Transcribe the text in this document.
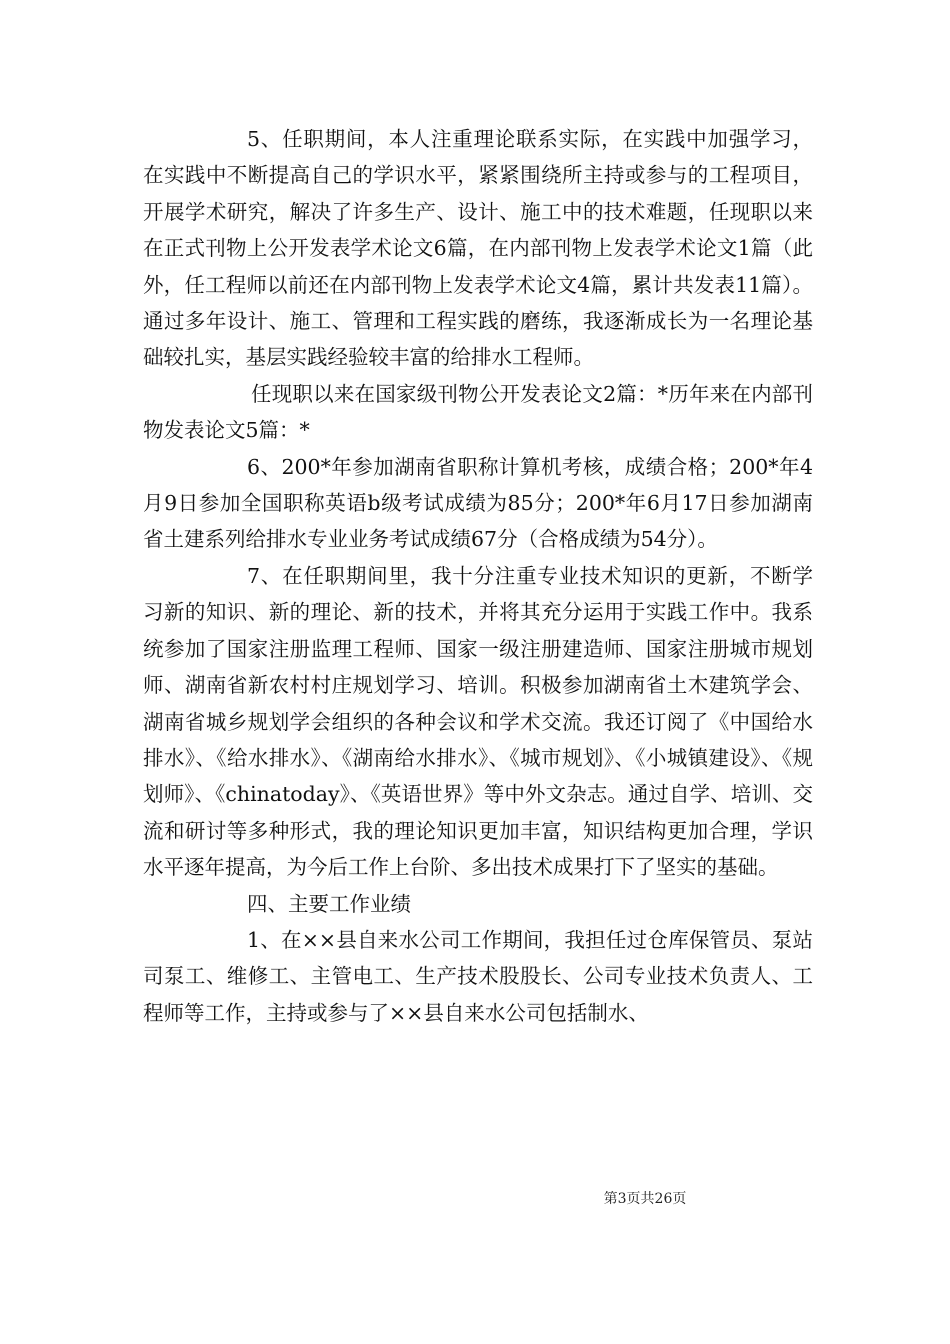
5、任职期间，本人注重理论联系实际，在实践中加强学习，在实践中不断提高自己的学识水平，紧紧围绕所主持或参与的工程项目，开展学术研究，解决了许多生产、设计、施工中的技术难题，任现职以来在正式刊物上公开发表学术论文6篇，在内部刊物上发表学术论文1篇（此外，任工程师以前还在内部刊物上发表学术论文4篇，累计共发表11篇）。通过多年设计、施工、管理和工程实践的磨练，我逐渐成长为一名理论基础较扎实，基层实践经验较丰富的给排水工程师。

任现职以来在国家级刊物公开发表论文2篇：*历年来在内部刊物发表论文5篇：*

6、200*年参加湖南省职称计算机考核，成绩合格；200*年4月9日参加全国职称英语b级考试成绩为85分；200*年6月17日参加湖南省土建系列给排水专业业务考试成绩67分（合格成绩为54分）。

7、在任职期间里，我十分注重专业技术知识的更新，不断学习新的知识、新的理论、新的技术，并将其充分运用于实践工作中。我系统参加了国家注册监理工程师、国家一级注册建造师、国家注册城市规划师、湖南省新农村村庄规划学习、培训。积极参加湖南省土木建筑学会、湖南省城乡规划学会组织的各种会议和学术交流。我还订阅了《中国给水排水》、《给水排水》、《湖南给水排水》、《城市规划》、《小城镇建设》、《规划师》、《chinatoday》、《英语世界》等中外文杂志。通过自学、培训、交流和研讨等多种形式，我的理论知识更加丰富，知识结构更加合理，学识水平逐年提高，为今后工作上台阶、多出技术成果打下了坚实的基础。

四、主要工作业绩

1、在××县自来水公司工作期间，我担任过仓库保管员、泵站司泵工、维修工、主管电工、生产技术股股长、公司专业技术负责人、工程师等工作，主持或参与了××县自来水公司包括制水、

第3页共26页
